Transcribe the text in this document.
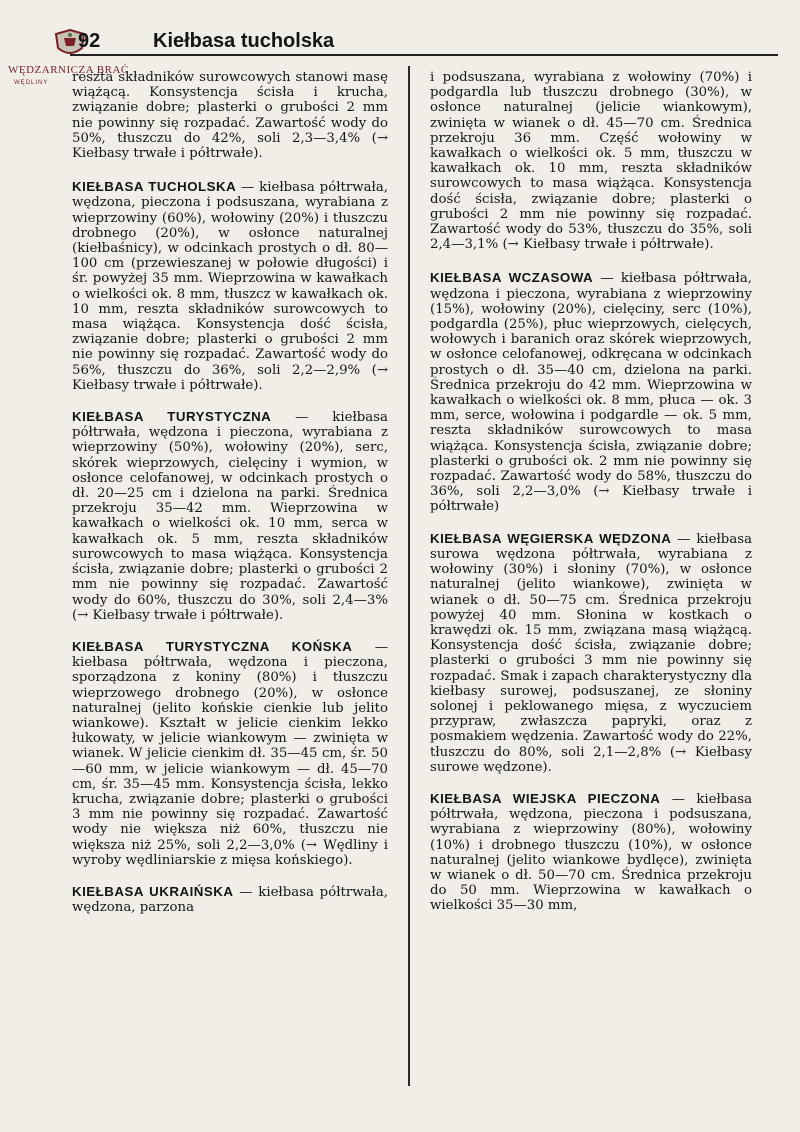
WĘDZARNICZA BRAĆ
WĘDLINY
92	Kiełbasa tucholska

reszta składników surowcowych stanowi masę wiążącą. Konsystencja ścisła i krucha, związanie dobre; plasterki o grubości 2 mm nie powinny się rozpadać. Zawartość wody do 50%, tłuszczu do 42%, soli 2,3—3,4% (→ Kiełbasy trwałe i półtrwałe).

KIEŁBASA TUCHOLSKA — kiełbasa półtrwała, wędzona, pieczona i podsuszana, wyrabiana z wieprzowiny (60%), wołowiny (20%) i tłuszczu drobnego (20%), w osłonce naturalnej (kiełbaśnicy), w odcinkach prostych o dł. 80—100 cm (przewieszanej w połowie długości) i śr. powyżej 35 mm. Wieprzowina w kawałkach o wielkości ok. 8 mm, tłuszcz w kawałkach ok. 10 mm, reszta składników surowcowych to masa wiążąca. Konsystencja dość ścisła, związanie dobre; plasterki o grubości 2 mm nie powinny się rozpadać. Zawartość wody do 56%, tłuszczu do 36%, soli 2,2—2,9% (→ Kiełbasy trwałe i półtrwałe).

KIEŁBASA TURYSTYCZNA — kiełbasa półtrwała, wędzona i pieczona, wyrabiana z wieprzowiny (50%), wołowiny (20%), serc, skórek wieprzowych, cielęciny i wymion, w osłonce celofanowej, w odcinkach prostych o dł. 20—25 cm i dzielona na parki. Średnica przekroju 35—42 mm. Wieprzowina w kawałkach o wielkości ok. 10 mm, serca w kawałkach ok. 5 mm, reszta składników surowcowych to masa wiążąca. Konsystencja ścisła, związanie dobre; plasterki o grubości 2 mm nie powinny się rozpadać. Zawartość wody do 60%, tłuszczu do 30%, soli 2,4—3% (→ Kiełbasy trwałe i półtrwałe).

KIEŁBASA TURYSTYCZNA KOŃSKA — kiełbasa półtrwała, wędzona i pieczona, sporządzona z koniny (80%) i tłuszczu wieprzowego drobnego (20%), w osłonce naturalnej (jelito końskie cienkie lub jelito wiankowe). Kształt w jelicie cienkim lekko łukowaty, w jelicie wiankowym — zwinięta w wianek. W jelicie cienkim dł. 35—45 cm, śr. 50—60 mm, w jelicie wiankowym — dł. 45—70 cm, śr. 35—45 mm. Konsystencja ścisła, lekko krucha, związanie dobre; plasterki o grubości 3 mm nie powinny się rozpadać. Zawartość wody nie większa niż 60%, tłuszczu nie większa niż 25%, soli 2,2—3,0% (→ Wędliny i wyroby wędliniarskie z mięsa końskiego).

KIEŁBASA UKRAIŃSKA — kiełbasa półtrwała, wędzona, parzona

i podsuszana, wyrabiana z wołowiny (70%) i podgardla lub tłuszczu drobnego (30%), w osłonce naturalnej (jelicie wiankowym), zwinięta w wianek o dł. 45—70 cm. Średnica przekroju 36 mm. Część wołowiny w kawałkach o wielkości ok. 5 mm, tłuszczu w kawałkach ok. 10 mm, reszta składników surowcowych to masa wiążąca. Konsystencja dość ścisła, związanie dobre; plasterki o grubości 2 mm nie powinny się rozpadać. Zawartość wody do 53%, tłuszczu do 35%, soli 2,4—3,1% (→ Kiełbasy trwałe i półtrwałe).

KIEŁBASA WCZASOWA — kiełbasa półtrwała, wędzona i pieczona, wyrabiana z wieprzowiny (15%), wołowiny (20%), cielęciny, serc (10%), podgardla (25%), płuc wieprzowych, cielęcych, wołowych i baranich oraz skórek wieprzowych, w osłonce celofanowej, odkręcana w odcinkach prostych o dł. 35—40 cm, dzielona na parki. Średnica przekroju do 42 mm. Wieprzowina w kawałkach o wielkości ok. 8 mm, płuca — ok. 3 mm, serce, wołowina i podgardle — ok. 5 mm, reszta składników surowcowych to masa wiążąca. Konsystencja ścisła, związanie dobre; plasterki o grubości ok. 2 mm nie powinny się rozpadać. Zawartość wody do 58%, tłuszczu do 36%, soli 2,2—3,0% (→ Kiełbasy trwałe i półtrwałe)

KIEŁBASA WĘGIERSKA WĘDZONA — kiełbasa surowa wędzona półtrwała, wyrabiana z wołowiny (30%) i słoniny (70%), w osłonce naturalnej (jelito wiankowe), zwinięta w wianek o dł. 50—75 cm. Średnica przekroju powyżej 40 mm. Słonina w kostkach o krawędzi ok. 15 mm, związana masą wiążącą. Konsystencja dość ścisła, związanie dobre; plasterki o grubości 3 mm nie powinny się rozpadać. Smak i zapach charakterystyczny dla kiełbasy surowej, podsuszanej, ze słoniny solonej i peklowanego mięsa, z wyczuciem przypraw, zwłaszcza papryki, oraz z posmakiem wędzenia. Zawartość wody do 22%, tłuszczu do 80%, soli 2,1—2,8% (→ Kiełbasy surowe wędzone).

KIEŁBASA WIEJSKA PIECZONA — kiełbasa półtrwała, wędzona, pieczona i podsuszana, wyrabiana z wieprzowiny (80%), wołowiny (10%) i drobnego tłuszczu (10%), w osłonce naturalnej (jelito wiankowe bydlęce), zwinięta w wianek o dł. 50—70 cm. Średnica przekroju do 50 mm. Wieprzowina w kawałkach o wielkości 35—30 mm,
